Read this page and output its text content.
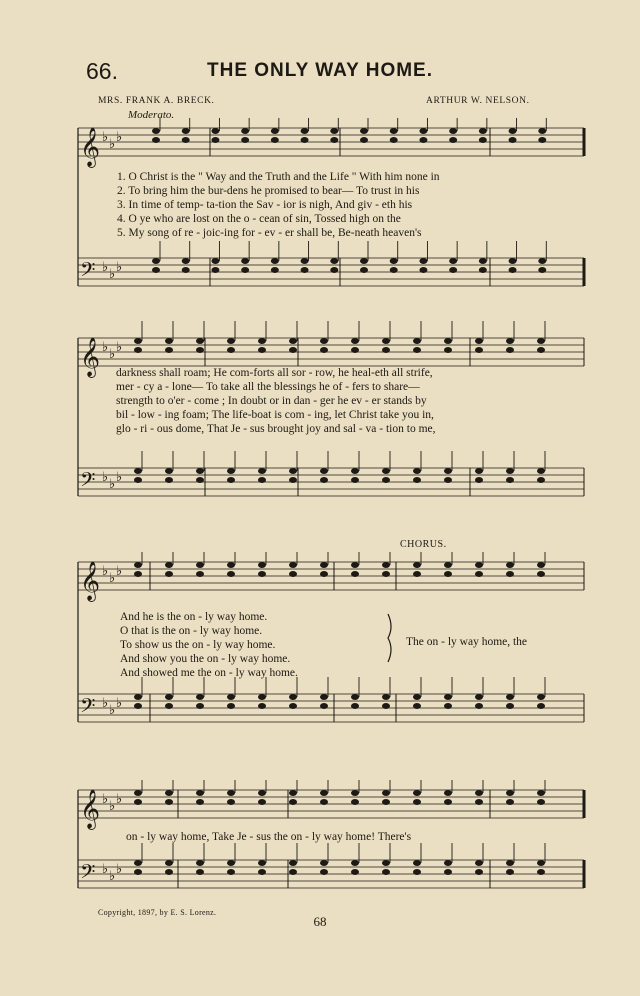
66.	THE ONLY WAY HOME.
MRS. FRANK A. BRECK.	ARTHUR W. NELSON.
Moderato.
𝄞 ♭ ♭ ♭
𝄢 ♭ ♭ ♭
1. O Christ is the " Way and the Truth and the Life " With him none in
2. To bring him the bur-dens he promised to bear— To trust in his
3. In time of temp- ta-tion the Sav - ior is nigh, And giv - eth his
4. O ye who are lost on the o - cean of sin, Tossed high on the
5. My song of re - joic-ing for - ev - er shall be, Be-neath heaven's
𝄞 ♭ ♭ ♭
𝄢 ♭ ♭ ♭
darkness shall roam; He com-forts all sor - row, he heal-eth all strife,
mer - cy a - lone— To take all the blessings he of - fers to share—
strength to o'er - come ; In doubt or in dan - ger he ev - er stands by
bil - low - ing foam; The life-boat is com - ing, let Christ take you in,
glo - ri - ous dome, That Je - sus brought joy and sal - va - tion to me,
𝄞 ♭ ♭ ♭
𝄢 ♭ ♭ ♭
CHORUS.
And he is the on - ly way home.
O that is the on - ly way home.
To show us the on - ly way home.
And show you the on - ly way home.
And showed me the on - ly way home.
The on - ly way home, the
𝄞 ♭ ♭ ♭
𝄢 ♭ ♭ ♭
on - ly way home, Take Je - sus the on - ly way home! There's
Copyright, 1897, by E. S. Lorenz.
68
